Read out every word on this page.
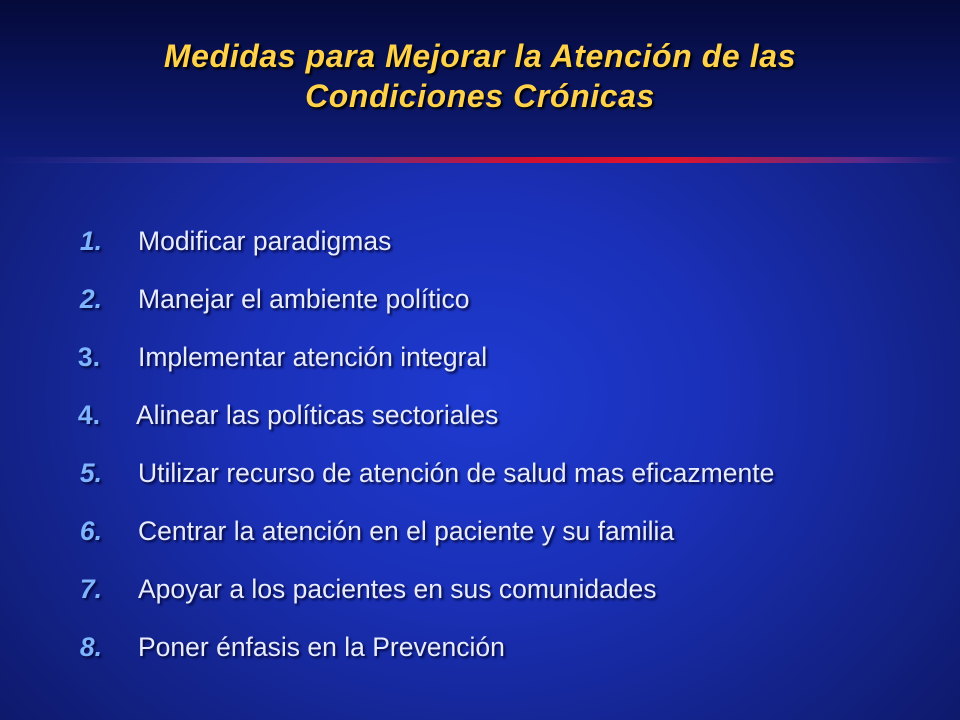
Medidas para Mejorar la Atención de las
Condiciones Crónicas
1. Modificar paradigmas
2. Manejar el ambiente político
3. Implementar atención integral
4. Alinear las políticas sectoriales
5. Utilizar recurso de atención de salud mas eficazmente
6. Centrar la atención en el paciente y su familia
7. Apoyar a los pacientes en sus comunidades
8. Poner énfasis en la Prevención
